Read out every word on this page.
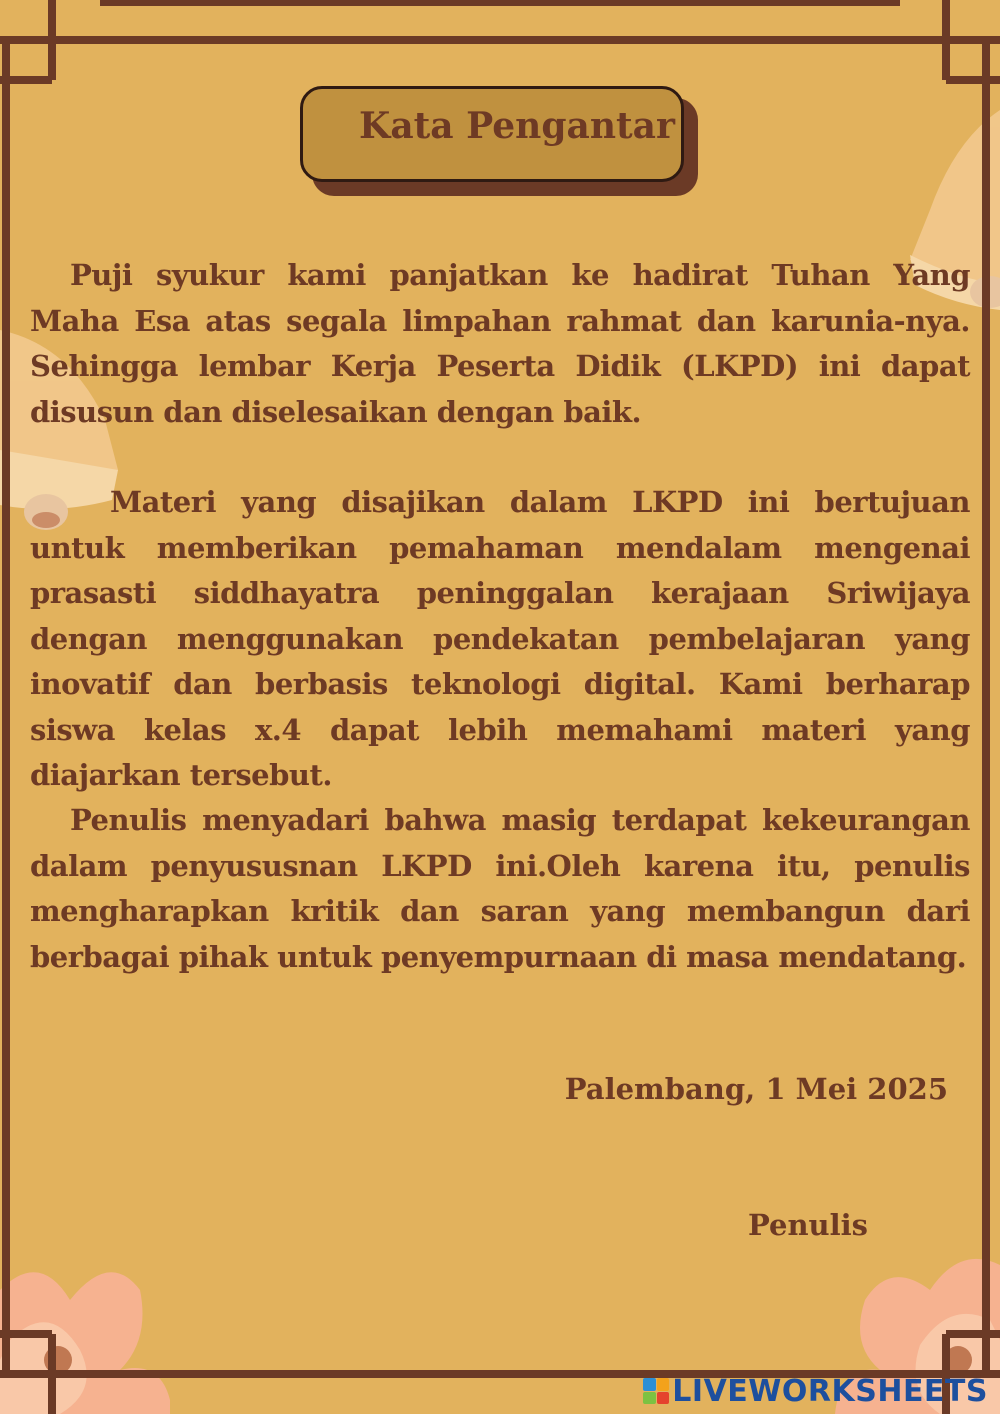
Kata Pengantar

Puji syukur kami panjatkan ke hadirat Tuhan Yang Maha Esa atas segala limpahan rahmat dan karunia-nya. Sehingga lembar Kerja Peserta Didik (LKPD) ini dapat disusun dan diselesaikan dengan baik.

Materi yang disajikan dalam LKPD ini bertujuan untuk memberikan pemahaman mendalam mengenai prasasti siddhayatra peninggalan kerajaan Sriwijaya dengan menggunakan pendekatan pembelajaran yang inovatif dan berbasis teknologi digital. Kami berharap siswa kelas x.4 dapat lebih memahami materi yang diajarkan tersebut.

Penulis menyadari bahwa masig terdapat kekeurangan dalam penyususnan LKPD ini.Oleh karena itu, penulis mengharapkan kritik dan saran yang membangun dari berbagai pihak untuk penyempurnaan di masa mendatang.

Palembang, 1 Mei 2025

Penulis

LIVEWORKSHEETS
